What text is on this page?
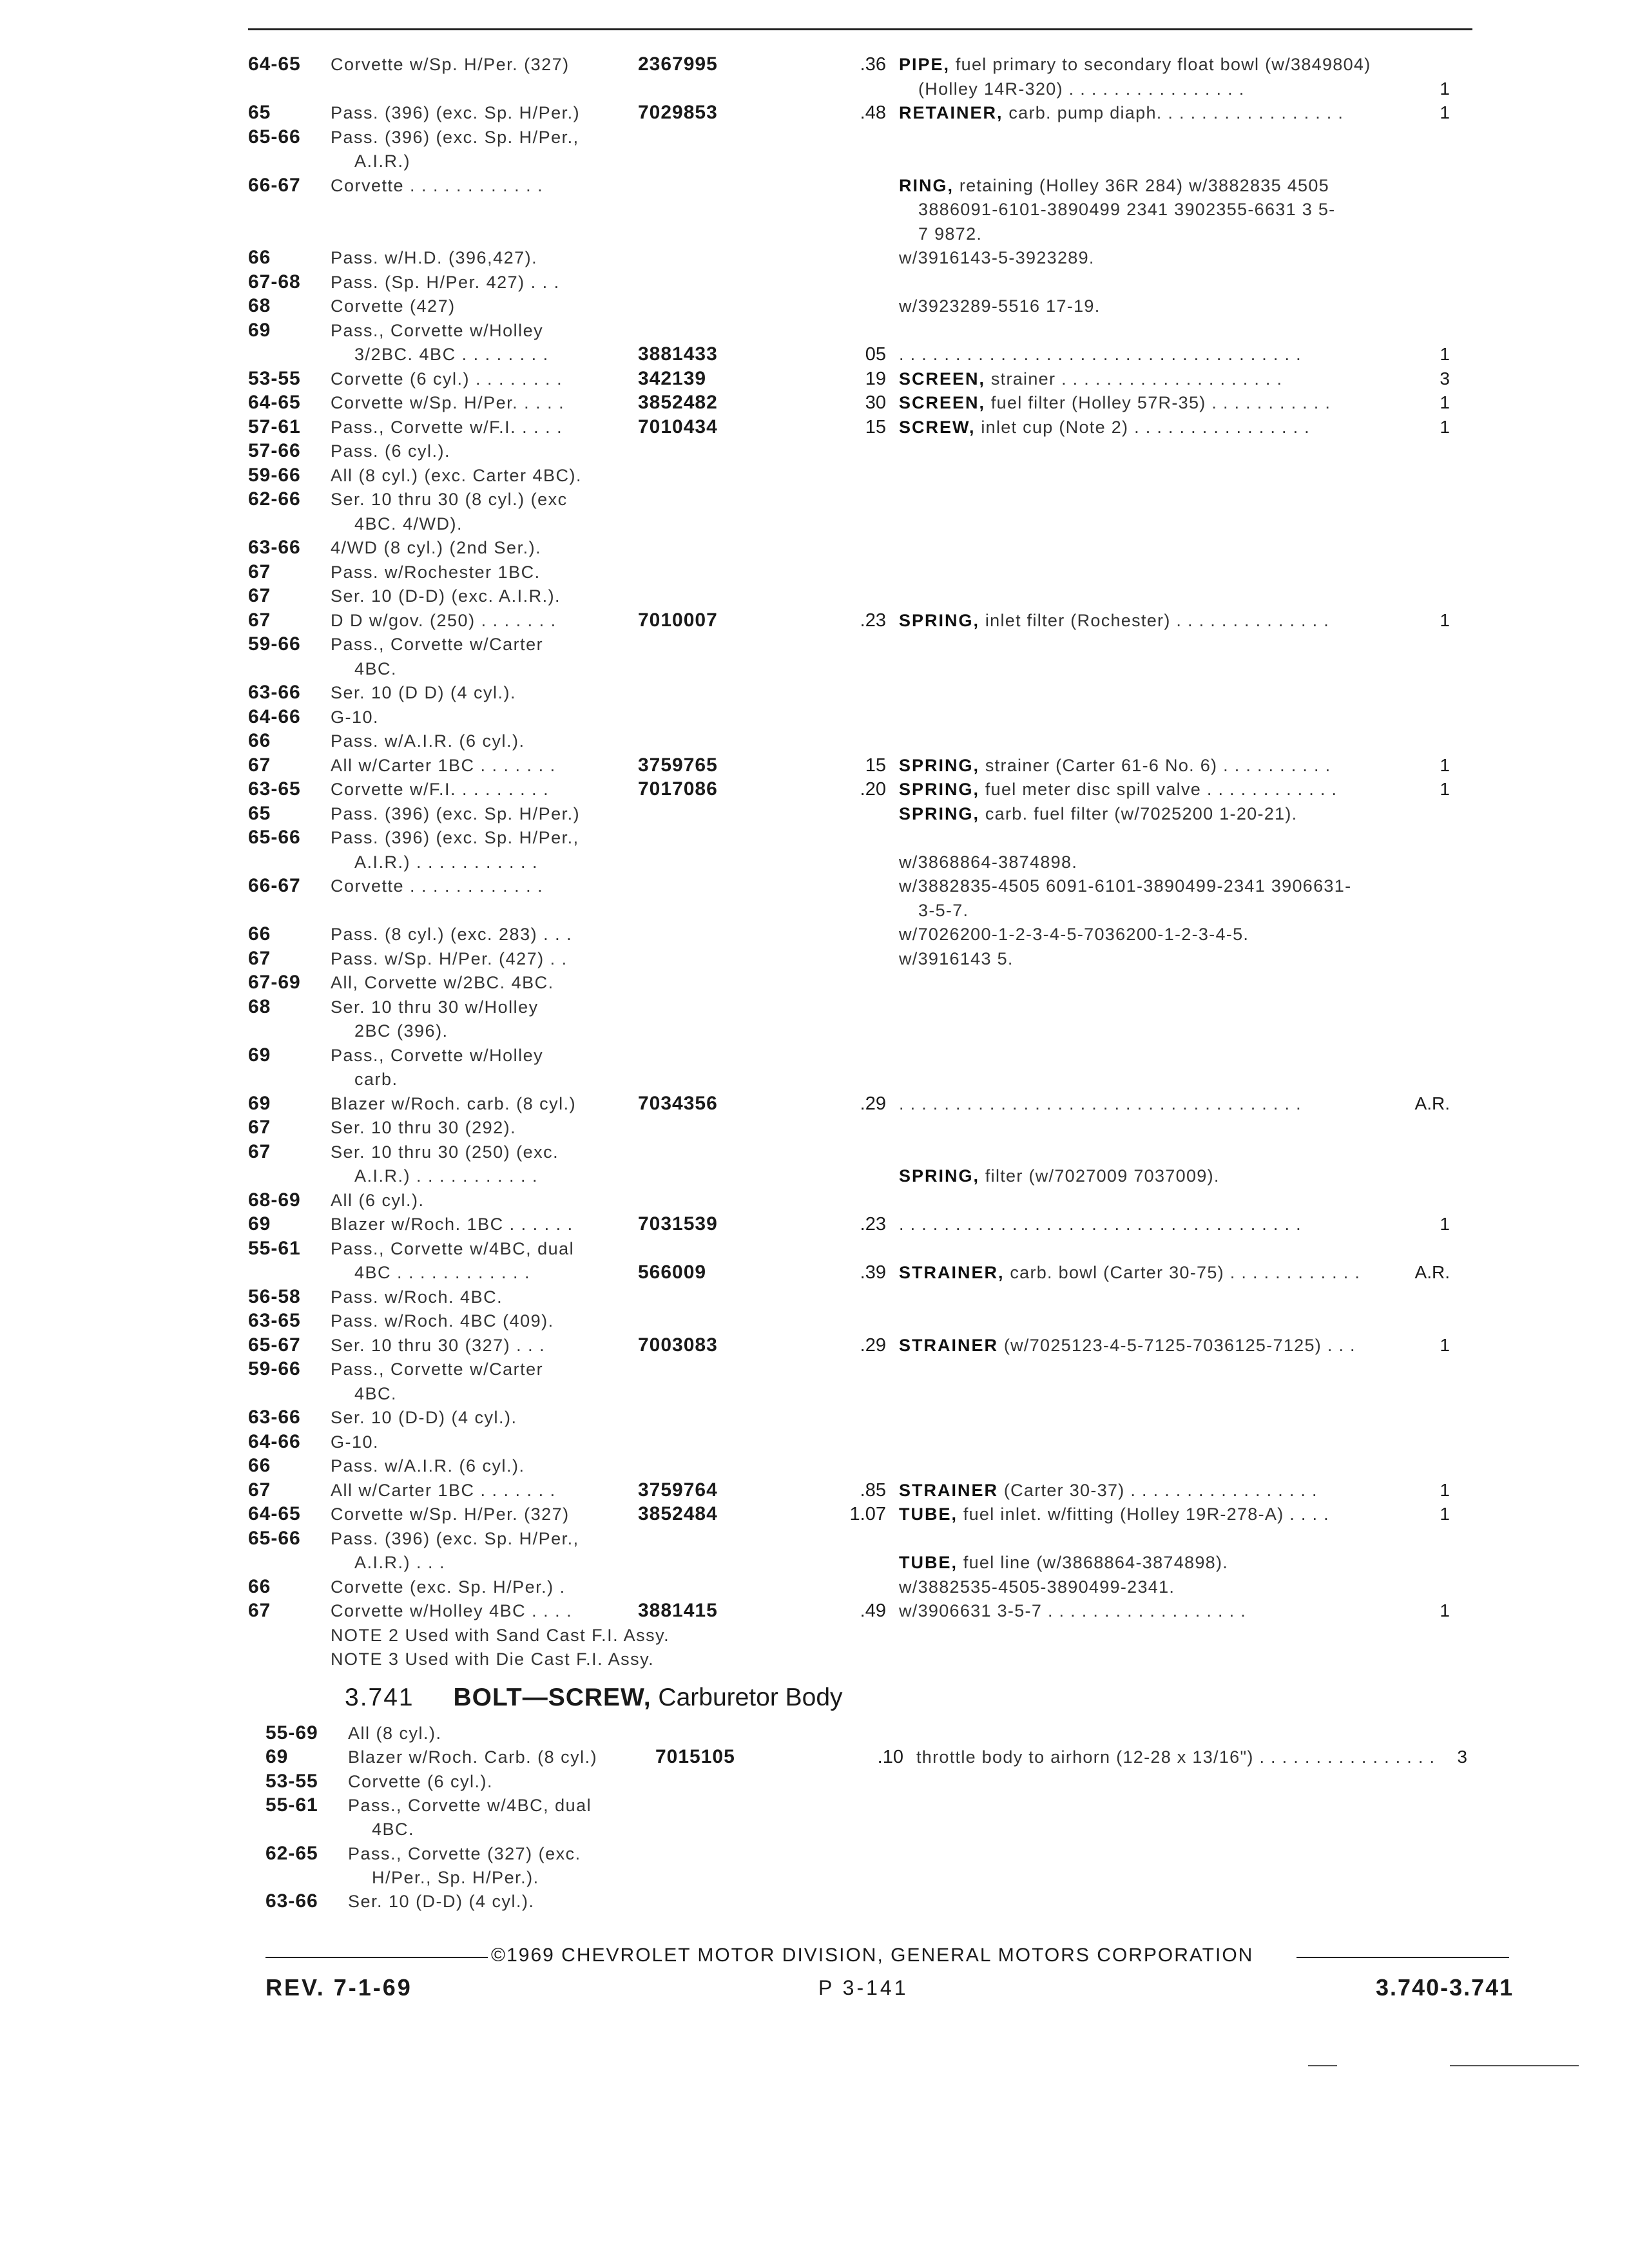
64-65	Corvette w/Sp. H/Per. (327)	2367995	.36 PIPE, fuel primary to secondary float bowl (w/3849804)
(Holley 14R-320) . . . . . . . . . . . . . . . .	1
65	Pass. (396) (exc. Sp. H/Per.)	7029853	.48 RETAINER, carb. pump diaph. . . . . . . . . . . . . . . . .	1
65-66	Pass. (396) (exc. Sp. H/Per.,
A.I.R.)
66-67	Corvette . . . . . . . . . . . .	RING, retaining (Holley 36R 284) w/3882835 4505
3886091-6101-3890499 2341 3902355-6631 3 5-
7 9872.
66	Pass. w/H.D. (396,427).	w/3916143-5-3923289.
67-68	Pass. (Sp. H/Per. 427) . . .
68	Corvette (427)	w/3923289-5516 17-19.
69	Pass., Corvette w/Holley
3/2BC. 4BC . . . . . . . .	3881433	05 . . . . . . . . . . . . . . . . . . . . . . . . . . . . . . . . . . . .	1
53-55	Corvette (6 cyl.) . . . . . . . .	342139	19 SCREEN, strainer . . . . . . . . . . . . . . . . . . . .	3
64-65	Corvette w/Sp. H/Per. . . . .	3852482	30 SCREEN, fuel filter (Holley 57R-35) . . . . . . . . . . .	1
57-61	Pass., Corvette w/F.I. . . . .	7010434	15 SCREW, inlet cup (Note 2) . . . . . . . . . . . . . . . .	1
57-66	Pass. (6 cyl.).
59-66	All (8 cyl.) (exc. Carter 4BC).
62-66	Ser. 10 thru 30 (8 cyl.) (exc
4BC. 4/WD).
63-66	4/WD (8 cyl.) (2nd Ser.).
67	Pass. w/Rochester 1BC.
67	Ser. 10 (D-D) (exc. A.I.R.).
67	D D w/gov. (250) . . . . . . .	7010007	.23 SPRING, inlet filter (Rochester) . . . . . . . . . . . . . .	1
59-66	Pass., Corvette w/Carter
4BC.
63-66	Ser. 10 (D D) (4 cyl.).
64-66	G-10.
66	Pass. w/A.I.R. (6 cyl.).
67	All w/Carter 1BC . . . . . . .	3759765	15 SPRING, strainer (Carter 61-6 No. 6) . . . . . . . . . .	1
63-65	Corvette w/F.I. . . . . . . . .	7017086	.20 SPRING, fuel meter disc spill valve . . . . . . . . . . . .	1
65	Pass. (396) (exc. Sp. H/Per.)	SPRING, carb. fuel filter (w/7025200 1-20-21).
65-66	Pass. (396) (exc. Sp. H/Per.,
A.I.R.) . . . . . . . . . . .	w/3868864-3874898.
66-67	Corvette . . . . . . . . . . . .	w/3882835-4505 6091-6101-3890499-2341 3906631-
3-5-7.
66	Pass. (8 cyl.) (exc. 283) . . .	w/7026200-1-2-3-4-5-7036200-1-2-3-4-5.
67	Pass. w/Sp. H/Per. (427) . .	w/3916143 5.
67-69	All, Corvette w/2BC. 4BC.
68	Ser. 10 thru 30 w/Holley
2BC (396).
69	Pass., Corvette w/Holley
carb.
69	Blazer w/Roch. carb. (8 cyl.)	7034356	.29 . . . . . . . . . . . . . . . . . . . . . . . . . . . . . . . . . . . .	A.R.
67	Ser. 10 thru 30 (292).
67	Ser. 10 thru 30 (250) (exc.
A.I.R.) . . . . . . . . . . .	SPRING, filter (w/7027009 7037009).
68-69	All (6 cyl.).
69	Blazer w/Roch. 1BC . . . . . .	7031539	.23 . . . . . . . . . . . . . . . . . . . . . . . . . . . . . . . . . . . .	1
55-61	Pass., Corvette w/4BC, dual
4BC . . . . . . . . . . . .	566009	.39 STRAINER, carb. bowl (Carter 30-75) . . . . . . . . . . . .	A.R.
56-58	Pass. w/Roch. 4BC.
63-65	Pass. w/Roch. 4BC (409).
65-67	Ser. 10 thru 30 (327) . . .	7003083	.29 STRAINER (w/7025123-4-5-7125-7036125-7125) . . .	1
59-66	Pass., Corvette w/Carter
4BC.
63-66	Ser. 10 (D-D) (4 cyl.).
64-66	G-10.
66	Pass. w/A.I.R. (6 cyl.).
67	All w/Carter 1BC . . . . . . .	3759764	.85 STRAINER (Carter 30-37) . . . . . . . . . . . . . . . . .	1
64-65	Corvette w/Sp. H/Per. (327)	3852484	1.07 TUBE, fuel inlet. w/fitting (Holley 19R-278-A) . . . .	1
65-66	Pass. (396) (exc. Sp. H/Per.,
A.I.R.) . . .	TUBE, fuel line (w/3868864-3874898).
66	Corvette (exc. Sp. H/Per.) .	w/3882535-4505-3890499-2341.
67	Corvette w/Holley 4BC . . . .	3881415	.49 w/3906631 3-5-7 . . . . . . . . . . . . . . . . . .	1
NOTE 2 Used with Sand Cast F.I. Assy.
NOTE 3 Used with Die Cast F.I. Assy.
3.741 BOLT—SCREW, Carburetor Body
55-69	All (8 cyl.).
69	Blazer w/Roch. Carb. (8 cyl.)	7015105	.10 throttle body to airhorn (12-28 x 13/16") . . . . . . . . . . . . . . . .	3
53-55	Corvette (6 cyl.).
55-61	Pass., Corvette w/4BC, dual
4BC.
62-65	Pass., Corvette (327) (exc.
H/Per., Sp. H/Per.).
63-66	Ser. 10 (D-D) (4 cyl.).
©1969 CHEVROLET MOTOR DIVISION, GENERAL MOTORS CORPORATION
REV. 7-1-69	P 3-141	3.740-3.741
